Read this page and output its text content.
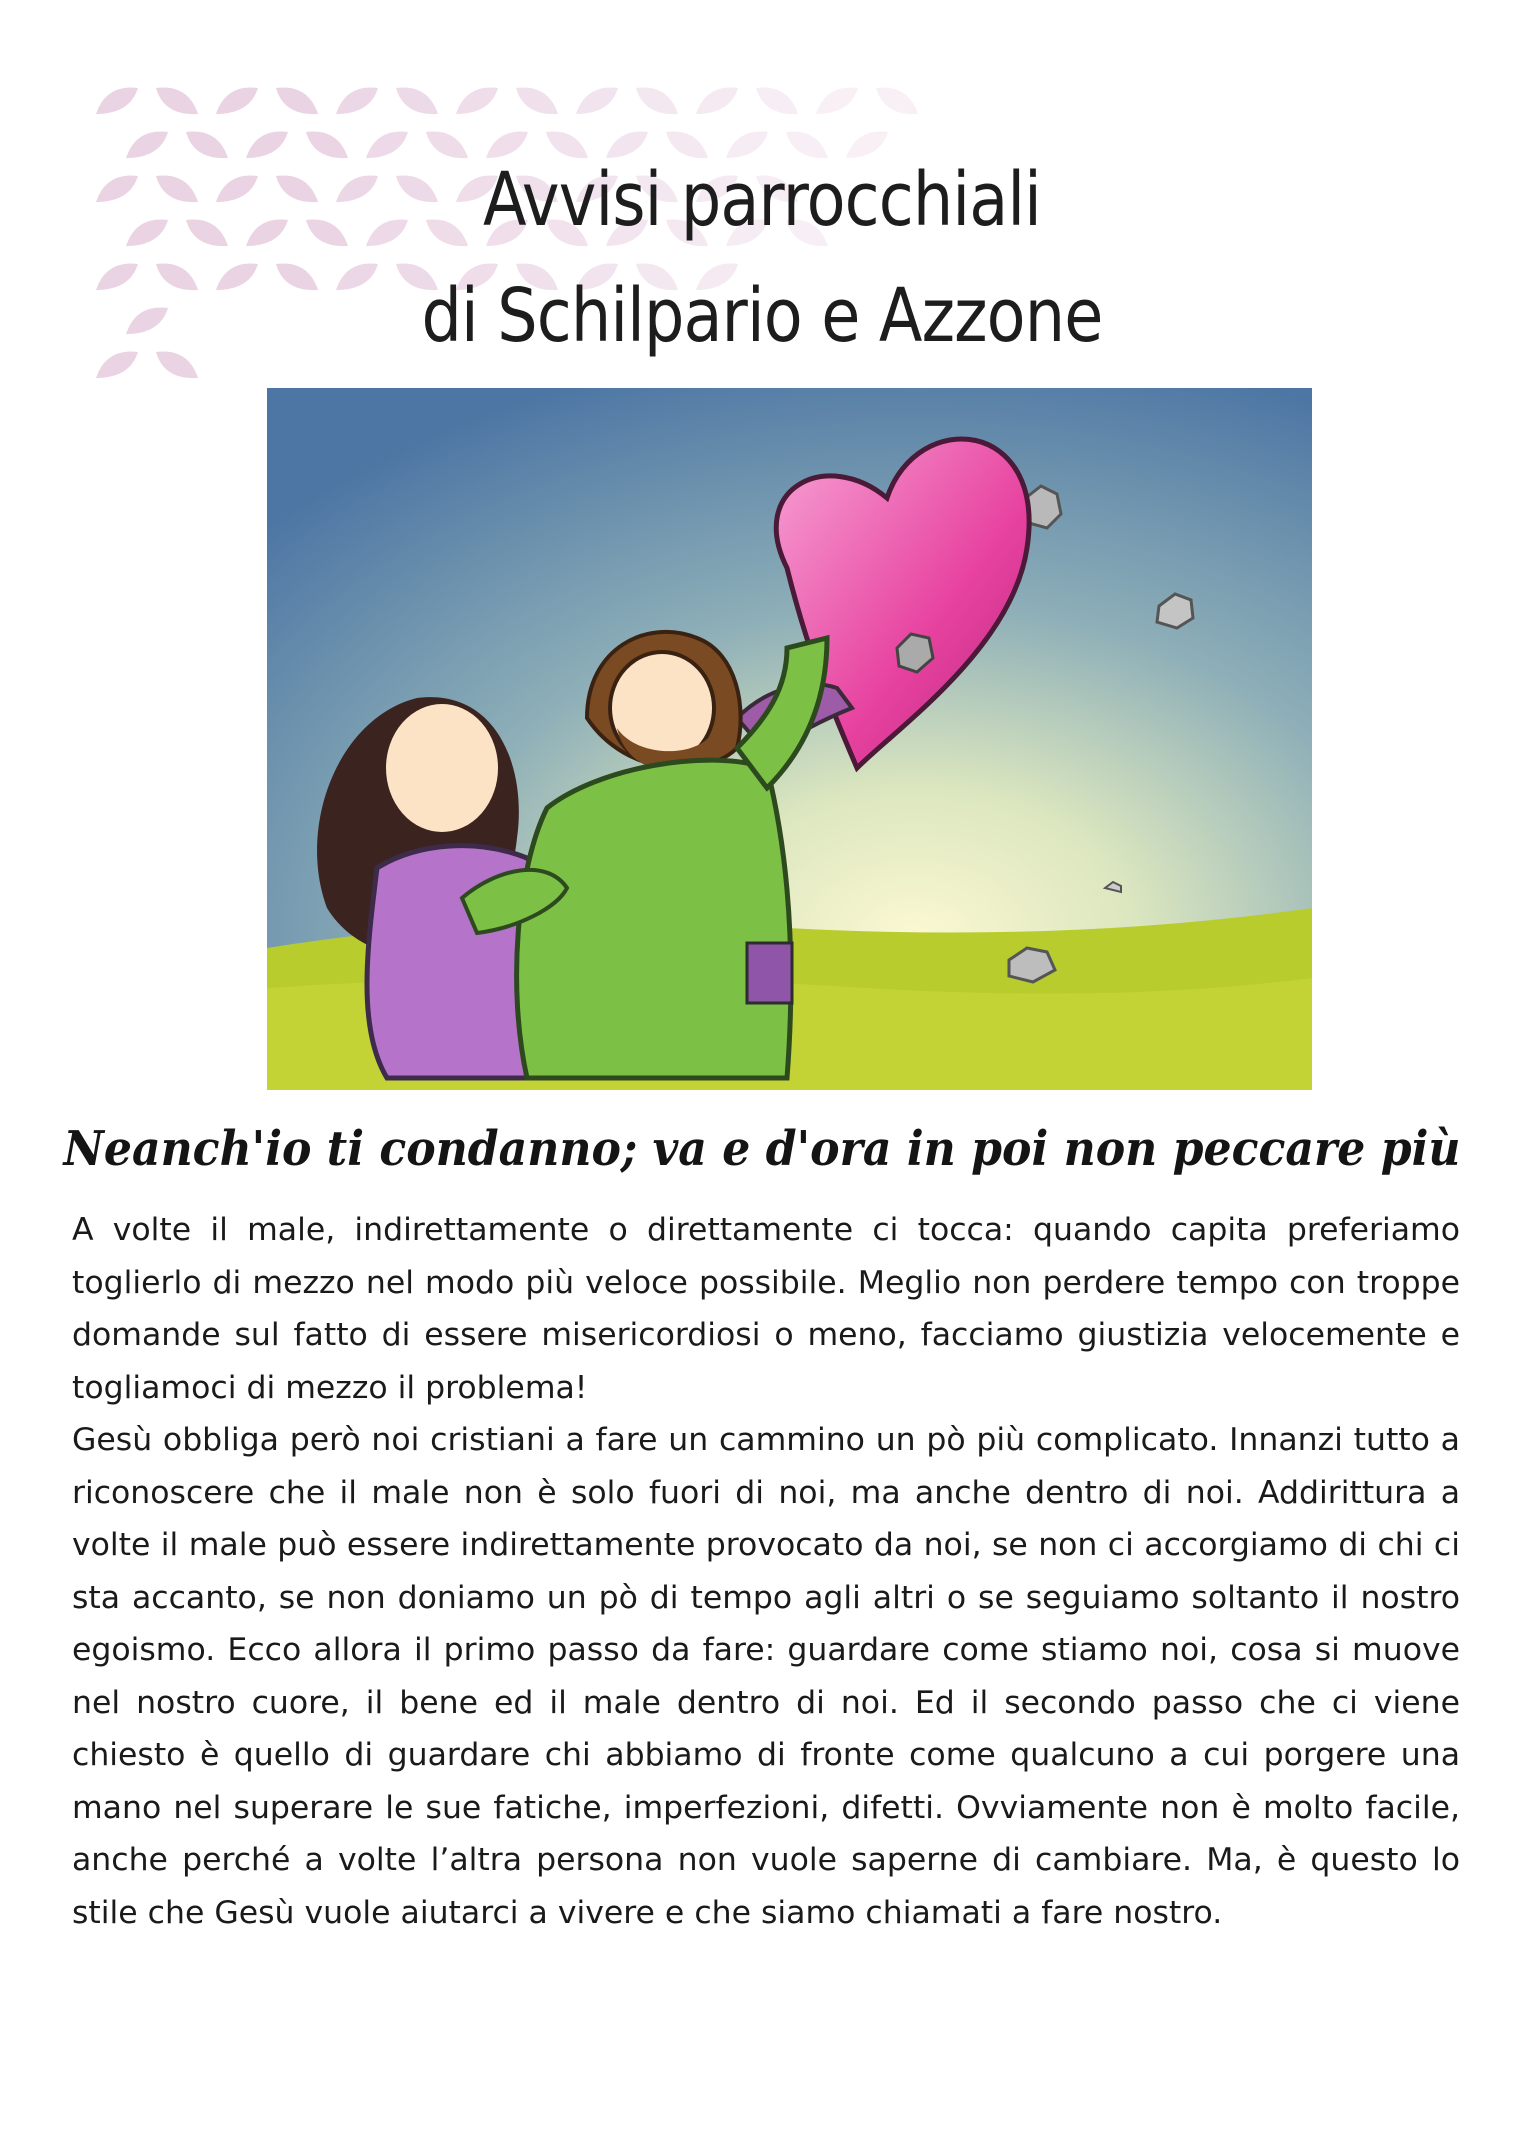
Avvisi parrocchiali
di Schilpario e Azzone
Neanch'io ti condanno; va e d'ora in poi non peccare più

A volte il male, indirettamente o direttamente ci tocca: quando capita preferiamo toglierlo di mezzo nel modo più veloce possibile. Meglio non perdere tempo con troppe domande sul fatto di essere misericordiosi o meno, facciamo giustizia velocemente e togliamoci di mezzo il problema!

Gesù obbliga però noi cristiani a fare un cammino un pò più complicato. Innanzi tutto a riconoscere che il male non è solo fuori di noi, ma anche dentro di noi. Addirittura a volte il male può essere indirettamente provocato da noi, se non ci accorgiamo di chi ci sta accanto, se non doniamo un pò di tempo agli altri o se seguiamo soltanto il nostro egoismo. Ecco allora il primo passo da fare: guardare come stiamo noi, cosa si muove nel nostro cuore, il bene ed il male dentro di noi. Ed il secondo passo che ci viene chiesto è quello di guardare chi abbiamo di fronte come qualcuno a cui porgere una mano nel superare le sue fatiche, imperfezioni, difetti. Ovviamente non è molto facile, anche perché a volte l’altra persona non vuole saperne di cambiare. Ma, è questo lo stile che Gesù vuole aiutarci a vivere e che siamo chiamati a fare nostro.
